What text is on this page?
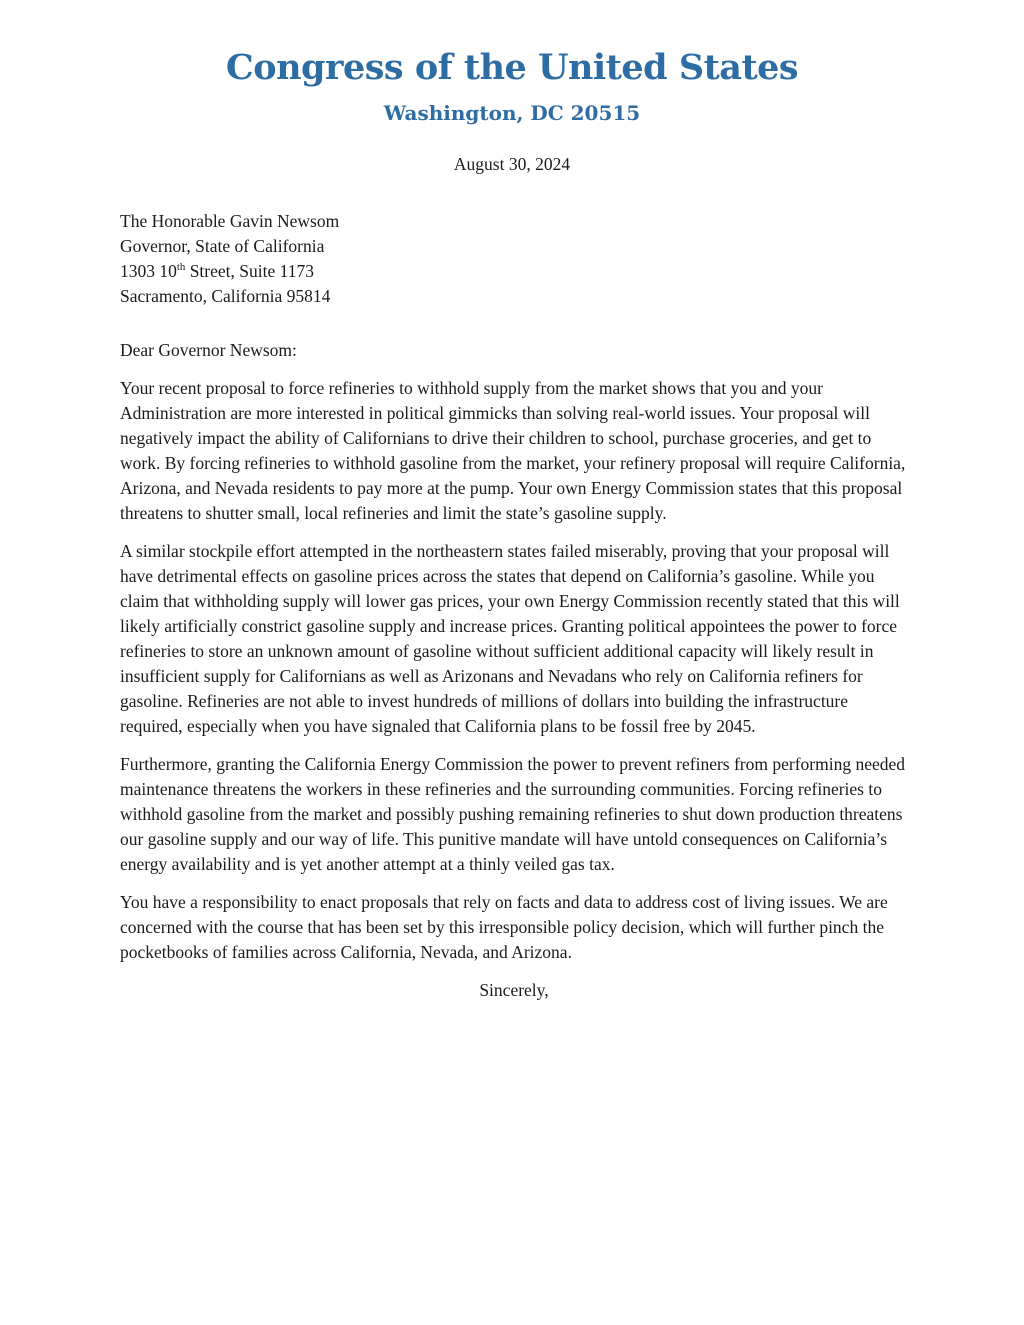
Congress of the United States
Washington, DC 20515
August 30, 2024
The Honorable Gavin Newsom
Governor, State of California
1303 10th Street, Suite 1173
Sacramento, California 95814
Dear Governor Newsom:

Your recent proposal to force refineries to withhold supply from the market shows that you and your Administration are more interested in political gimmicks than solving real-world issues. Your proposal will negatively impact the ability of Californians to drive their children to school, purchase groceries, and get to work. By forcing refineries to withhold gasoline from the market, your refinery proposal will require California, Arizona, and Nevada residents to pay more at the pump. Your own Energy Commission states that this proposal threatens to shutter small, local refineries and limit the state’s gasoline supply.

A similar stockpile effort attempted in the northeastern states failed miserably, proving that your proposal will have detrimental effects on gasoline prices across the states that depend on California’s gasoline. While you claim that withholding supply will lower gas prices, your own Energy Commission recently stated that this will likely artificially constrict gasoline supply and increase prices. Granting political appointees the power to force refineries to store an unknown amount of gasoline without sufficient additional capacity will likely result in insufficient supply for Californians as well as Arizonans and Nevadans who rely on California refiners for gasoline. Refineries are not able to invest hundreds of millions of dollars into building the infrastructure required, especially when you have signaled that California plans to be fossil free by 2045.

Furthermore, granting the California Energy Commission the power to prevent refiners from performing needed maintenance threatens the workers in these refineries and the surrounding communities. Forcing refineries to withhold gasoline from the market and possibly pushing remaining refineries to shut down production threatens our gasoline supply and our way of life. This punitive mandate will have untold consequences on California’s energy availability and is yet another attempt at a thinly veiled gas tax.

You have a responsibility to enact proposals that rely on facts and data to address cost of living issues. We are concerned with the course that has been set by this irresponsible policy decision, which will further pinch the pocketbooks of families across California, Nevada, and Arizona.

Sincerely,
